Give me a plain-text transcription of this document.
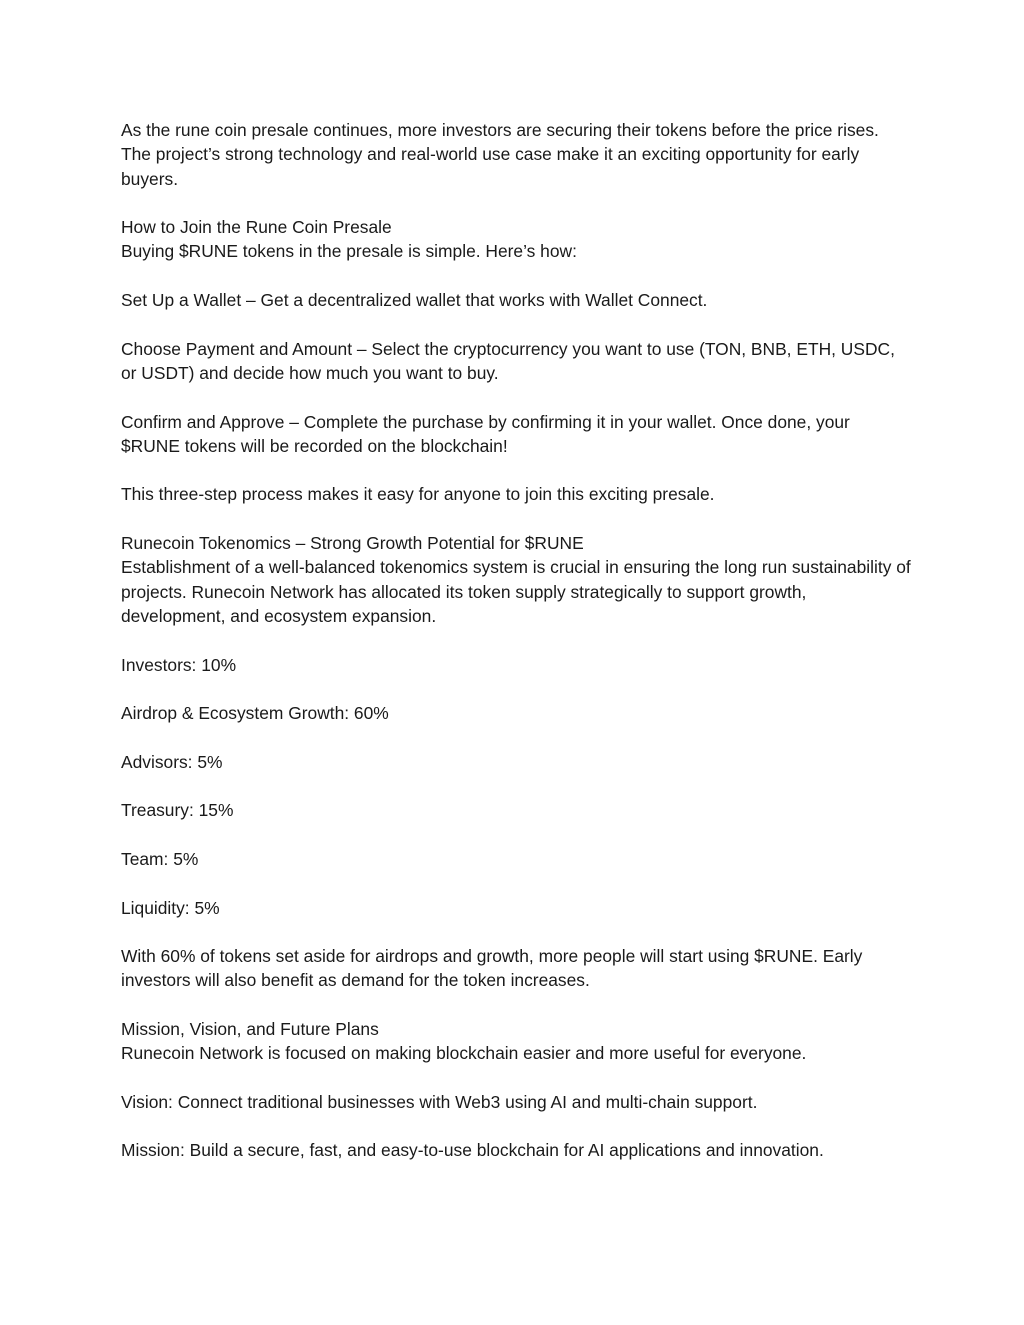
As the rune coin presale continues, more investors are securing their tokens before the price rises. The project’s strong technology and real-world use case make it an exciting opportunity for early buyers.

How to Join the Rune Coin Presale

Buying $RUNE tokens in the presale is simple. Here’s how:

Set Up a Wallet – Get a decentralized wallet that works with Wallet Connect.

Choose Payment and Amount – Select the cryptocurrency you want to use (TON, BNB, ETH, USDC, or USDT) and decide how much you want to buy.

Confirm and Approve – Complete the purchase by confirming it in your wallet. Once done, your $RUNE tokens will be recorded on the blockchain!

This three-step process makes it easy for anyone to join this exciting presale.

Runecoin Tokenomics – Strong Growth Potential for $RUNE

Establishment of a well-balanced tokenomics system is crucial in ensuring the long run sustainability of projects. Runecoin Network has allocated its token supply strategically to support growth, development, and ecosystem expansion.

Investors: 10%

Airdrop & Ecosystem Growth: 60%

Advisors: 5%

Treasury: 15%

Team: 5%

Liquidity: 5%

With 60% of tokens set aside for airdrops and growth, more people will start using $RUNE. Early investors will also benefit as demand for the token increases.

Mission, Vision, and Future Plans

Runecoin Network is focused on making blockchain easier and more useful for everyone.

Vision: Connect traditional businesses with Web3 using AI and multi-chain support.

Mission: Build a secure, fast, and easy-to-use blockchain for AI applications and innovation.
